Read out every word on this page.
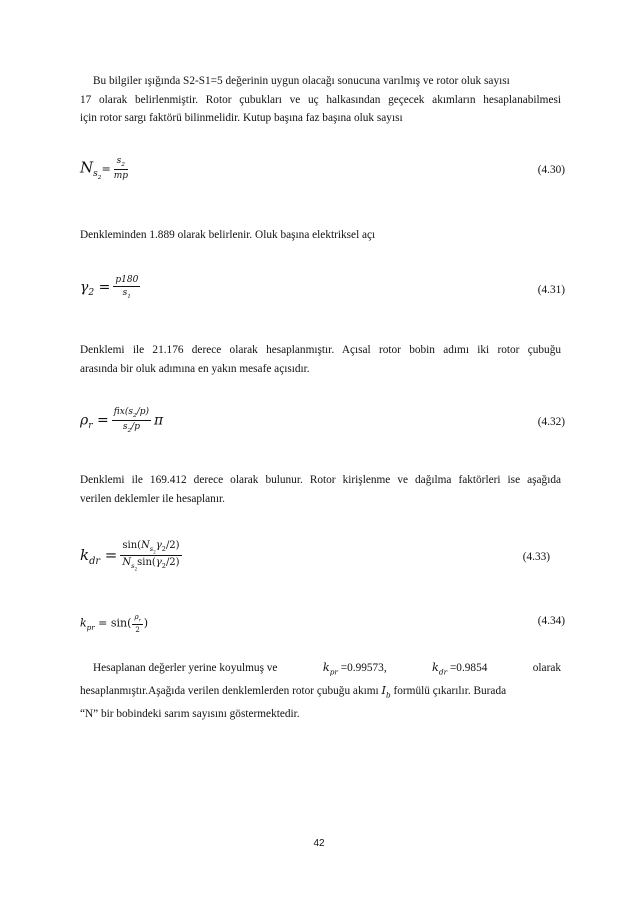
Bu bilgiler ışığında S2-S1=5 değerinin uygun olacağı sonucuna varılmış ve rotor oluk sayısı
17 olarak belirlenmiştir. Rotor çubukları ve uç halkasından geçecek akımların hesaplanabilmesi
için rotor sargı faktörü bilinmelidir. Kutup başına faz başına oluk sayısı
$N_{s_2}= \frac{s_2}{mp}$	(4.30)
Denkleminden 1.889 olarak belirlenir. Oluk başına elektriksel açı
$\gamma_2 = \frac{p180}{s_1}$	(4.31)
Denklemi ile 21.176 derece olarak hesaplanmıştır. Açısal rotor bobin adımı iki rotor çubuğu
arasında bir oluk adımına en yakın mesafe açısıdır.
$\rho_r = \frac{fix(s_2/p)}{s_2/p}$ π	(4.32)
Denklemi ile 169.412 derece olarak bulunur. Rotor kirişlenme ve dağılma faktörleri ise aşağıda
verilen deklemler ile hesaplanır.
$k_{dr} = \frac{\sin(N_{s_2}\gamma_2/2)}{N_{s_2}\sin(\gamma_2/2)}$	(4.33)
$k_{pr} = \sin( \frac{\rho_r}{2}$ )	(4.34)
Hesaplanan değerler yerine koyulmuş ve	$k_{pr} =0.99573$,	$k_{dr} =0.9854$	olarak
hesaplanmıştır.Aşağıda verilen denklemlerden rotor çubuğu akımı $I_b$ formülü çıkarılır. Burada
“N” bir bobindeki sarım sayısını göstermektedir.
42
